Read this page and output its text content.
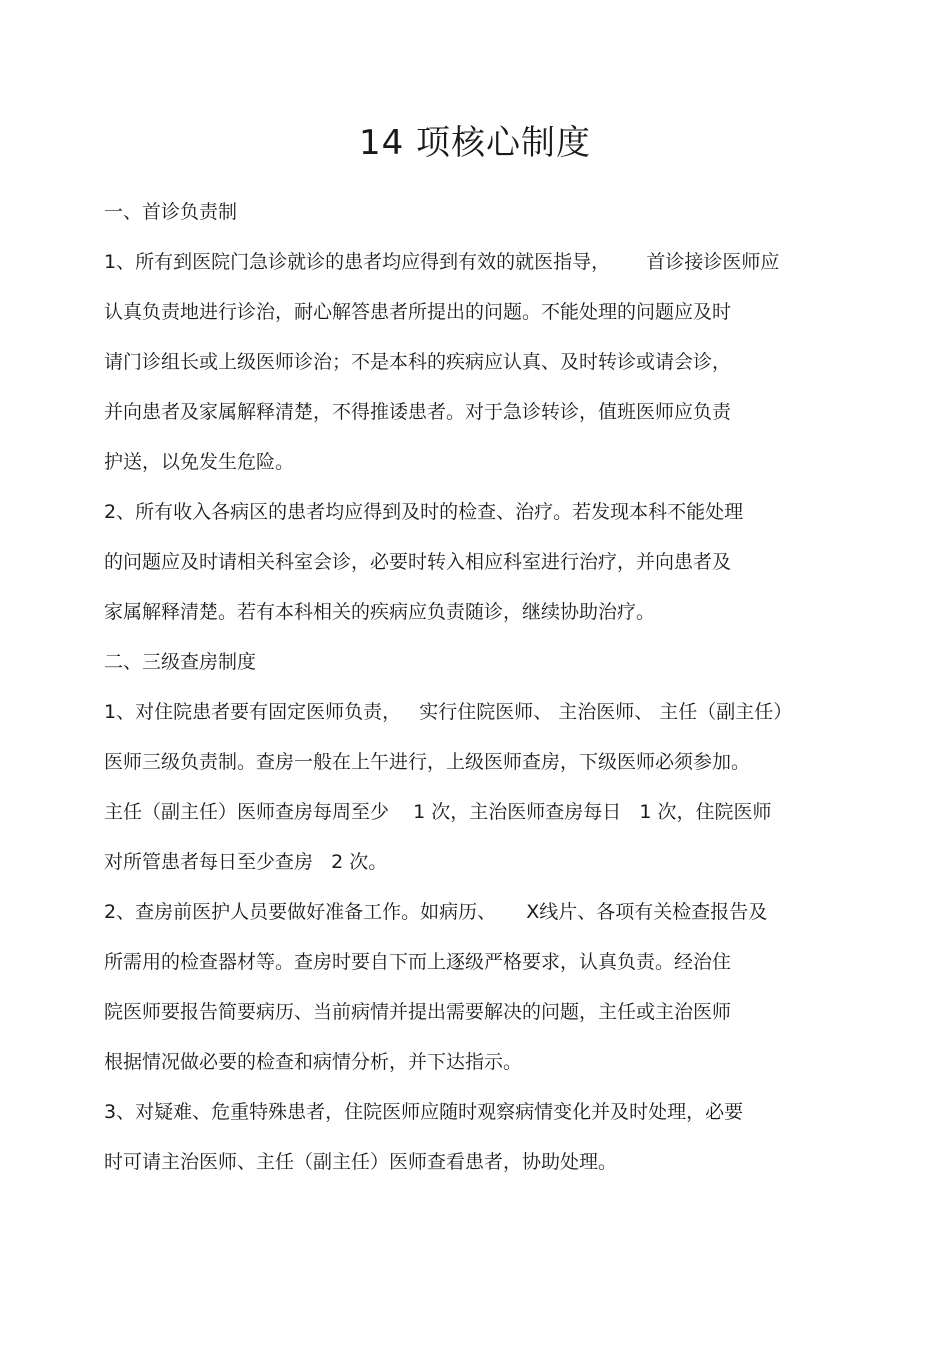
14 项核心制度

一、首诊负责制

1、所有到医院门急诊就诊的患者均应得到有效的就医指导，      首诊接诊医师应

认真负责地进行诊治，耐心解答患者所提出的问题。不能处理的问题应及时

请门诊组长或上级医师诊治；不是本科的疾病应认真、及时转诊或请会诊，

并向患者及家属解释清楚，不得推诿患者。对于急诊转诊，值班医师应负责

护送，以免发生危险。

2、所有收入各病区的患者均应得到及时的检查、治疗。若发现本科不能处理

的问题应及时请相关科室会诊，必要时转入相应科室进行治疗，并向患者及

家属解释清楚。若有本科相关的疾病应负责随诊，继续协助治疗。

二、三级查房制度

1、对住院患者要有固定医师负责，   实行住院医师、 主治医师、 主任（副主任）

医师三级负责制。查房一般在上午进行，上级医师查房，下级医师必须参加。

主任（副主任）医师查房每周至少    1 次，主治医师查房每日   1 次，住院医师

对所管患者每日至少查房   2 次。

2、查房前医护人员要做好准备工作。如病历、     X线片、各项有关检查报告及

所需用的检查器材等。查房时要自下而上逐级严格要求，认真负责。经治住

院医师要报告简要病历、当前病情并提出需要解决的问题，主任或主治医师

根据情况做必要的检查和病情分析，并下达指示。

3、对疑难、危重特殊患者，住院医师应随时观察病情变化并及时处理，必要

时可请主治医师、主任（副主任）医师查看患者，协助处理。
